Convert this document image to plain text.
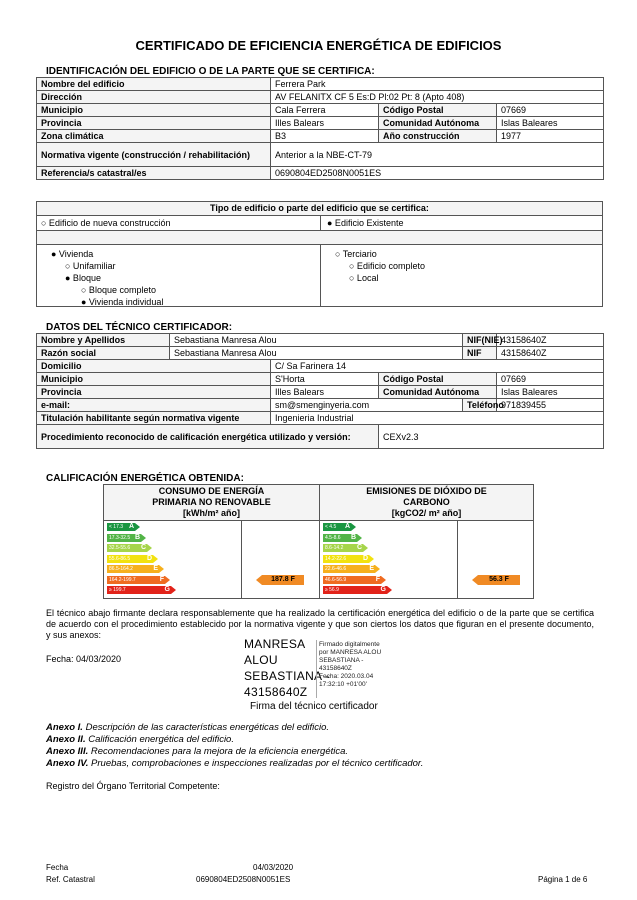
CERTIFICADO DE EFICIENCIA ENERGÉTICA DE EDIFICIOS
IDENTIFICACIÓN DEL EDIFICIO O DE LA PARTE QUE SE CERTIFICA:
Nombre del edificio	Ferrera Park		
Dirección	AV FELANITX CF 5 Es:D Pl:02 Pt: 8 (Apto 408)		
Municipio	Cala Ferrera	Código Postal	07669
Provincia	Illes Balears	Comunidad Autónoma	Islas Baleares
Zona climática	B3	Año construcción	1977
Normativa vigente (construcción / rehabilitación)	Anterior a la NBE-CT-79		
Referencia/s catastral/es	0690804ED2508N0051ES		
Tipo de edificio o parte del edificio que se certifica:
○ Edificio de nueva construcción	● Edificio Existente
● Vivienda
○ Unifamiliar
● Bloque
○ Bloque completo
● Vivienda individual
○ Terciario
○ Edificio completo
○ Local
DATOS DEL TÉCNICO CERTIFICADOR:
Nombre y Apellidos	Sebastiana Manresa Alou			NIF(NIE)	43158640Z
Razón social	Sebastiana Manresa Alou			NIF	43158640Z
Domicilio		C/ Sa Farinera 14			
Municipio		S'Horta	Código Postal		07669
Provincia		Illes Balears	Comunidad Autónoma		Islas Baleares
e-mail:		sm@smenginyeria.com		Teléfono	971839455
Titulación habilitante según normativa vigente		Ingenieria Industrial			
Procedimiento reconocido de calificación energética utilizado y versión:			CEXv2.3		
CALIFICACIÓN ENERGÉTICA OBTENIDA:
CONSUMO DE ENERGÍA
PRIMARIA NO RENOVABLE
[kWh/m² año]
EMISIONES DE DIÓXIDO DE
CARBONO
[kgCO2/ m² año]
< 17.3 A
17.3-32.5 B
32.5-55.6 C
55.6-86.5 D
86.5-164.2	E
164.2-199.7	F
≥ 199.7	G
< 4.5 A
4.5-8.6 B
8.6-14.2 C
14.2-22.6 D
22.6-46.6	E
46.6-56.9	F
≥ 56.9	G
187.8 F	56.3 F
El técnico abajo firmante declara responsablemente que ha realizado la certificación energética del edificio o de la parte que se certifica de acuerdo con el procedimiento establecido por la normativa vigente y que son ciertos los datos que figuran en el presente documento, y sus anexos:
Fecha: 04/03/2020
MANRESA
ALOU
SEBASTIANA -
43158640Z
Firmado digitalmente
por MANRESA ALOU
SEBASTIANA -
43158640Z
Fecha: 2020.03.04
17:32:10 +01'00'
Firma del técnico certificador
Anexo I. Descripción de las características energéticas del edificio.
Anexo II. Calificación energética del edificio.
Anexo III. Recomendaciones para la mejora de la eficiencia energética.
Anexo IV. Pruebas, comprobaciones e inspecciones realizadas por el técnico certificador.
Registro del Órgano Territorial Competente:
Fecha	04/03/2020
Ref. Catastral	0690804ED2508N0051ES	Página 1 de 6
